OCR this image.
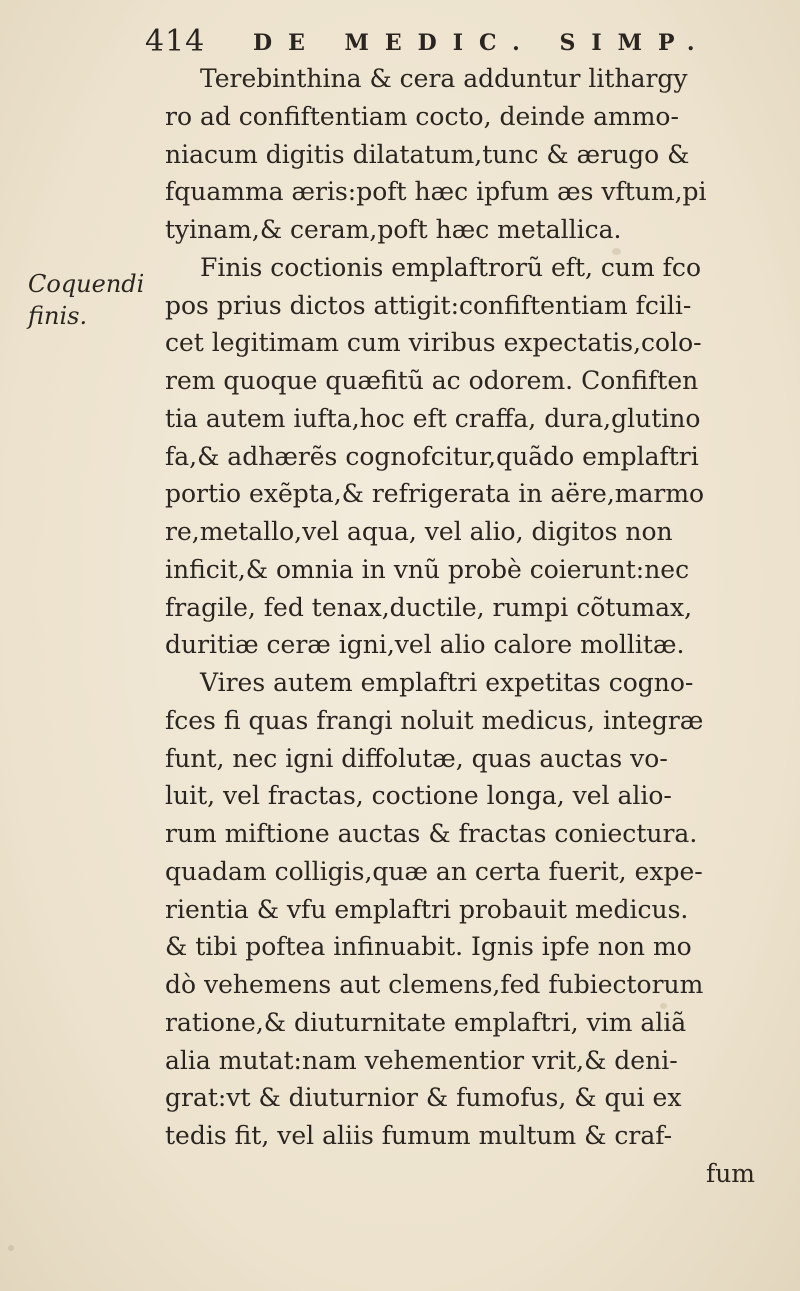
414 DE MEDIC. SIMP.
Coquendi
finis.
Terebinthina & cera adduntur lithargy
ro ad confiftentiam cocto, deinde ammo-
niacum digitis dilatatum,tunc & ærugo &
fquamma æris:poft hæc ipfum æs vftum,pi
tyinam,& ceram,poft hæc metallica.
Finis coctionis emplaftrorũ eft, cum fco
pos prius dictos attigit:confiftentiam fcili-
cet legitimam cum viribus expectatis,colo-
rem quoque quæfitũ ac odorem. Confiften
tia autem iufta,hoc eft craffa, dura,glutino
fa,& adhærẽs cognofcitur,quãdo emplaftri
portio exẽpta,& refrigerata in aëre,marmo
re,metallo,vel aqua, vel alio, digitos non
inficit,& omnia in vnũ probè coierunt:nec
fragile, fed tenax,ductile, rumpi cõtumax,
duritiæ ceræ igni,vel alio calore mollitæ.
Vires autem emplaftri expetitas cogno-
fces fi quas frangi noluit medicus, integræ
funt, nec igni diffolutæ, quas auctas vo-
luit, vel fractas, coctione longa, vel alio-
rum miftione auctas & fractas coniectura.
quadam colligis,quæ an certa fuerit, expe-
rientia & vfu emplaftri probauit medicus.
& tibi poftea infinuabit. Ignis ipfe non mo
dò vehemens aut clemens,fed fubiectorum
ratione,& diuturnitate emplaftri, vim aliã
alia mutat:nam vehementior vrit,& deni-
grat:vt & diuturnior & fumofus, & qui ex
tedis fit, vel aliis fumum multum & craf-
fum
